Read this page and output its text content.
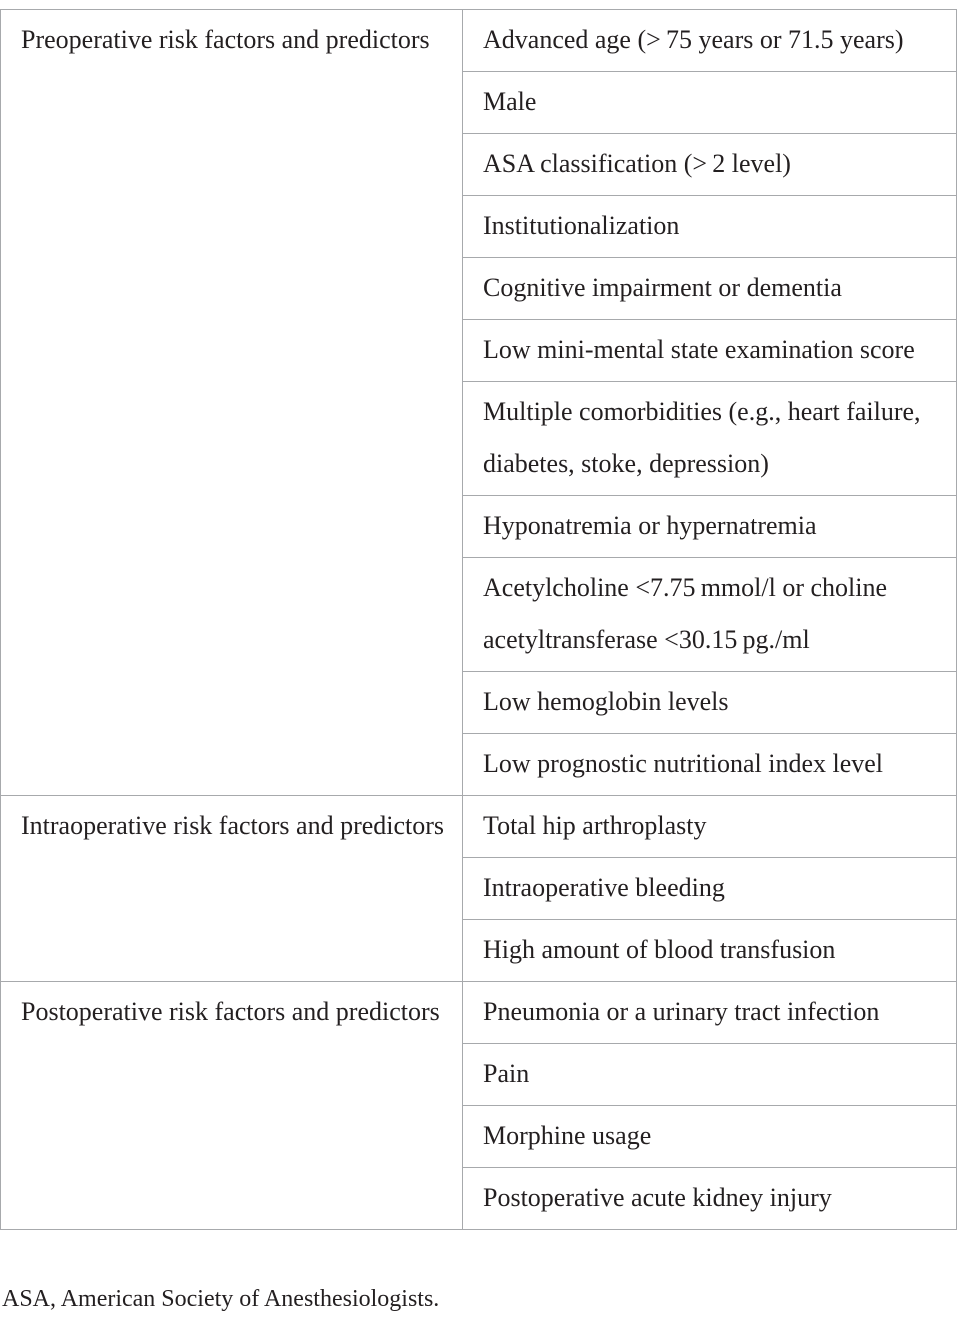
Preoperative risk factors and predictors	Advanced age (> 75 years or 71.5 years)
	Male
	ASA classification (> 2 level)
	Institutionalization
	Cognitive impairment or dementia
	Low mini-mental state examination score
	Multiple comorbidities (e.g., heart failure, diabetes, stoke, depression)
	Hyponatremia or hypernatremia
	Acetylcholine <7.75 mmol/l or choline acetyltransferase <30.15 pg./ml
	Low hemoglobin levels
	Low prognostic nutritional index level
Intraoperative risk factors and predictors	Total hip arthroplasty
	Intraoperative bleeding
	High amount of blood transfusion
Postoperative risk factors and predictors	Pneumonia or a urinary tract infection
	Pain
	Morphine usage
	Postoperative acute kidney injury
ASA, American Society of Anesthesiologists.
